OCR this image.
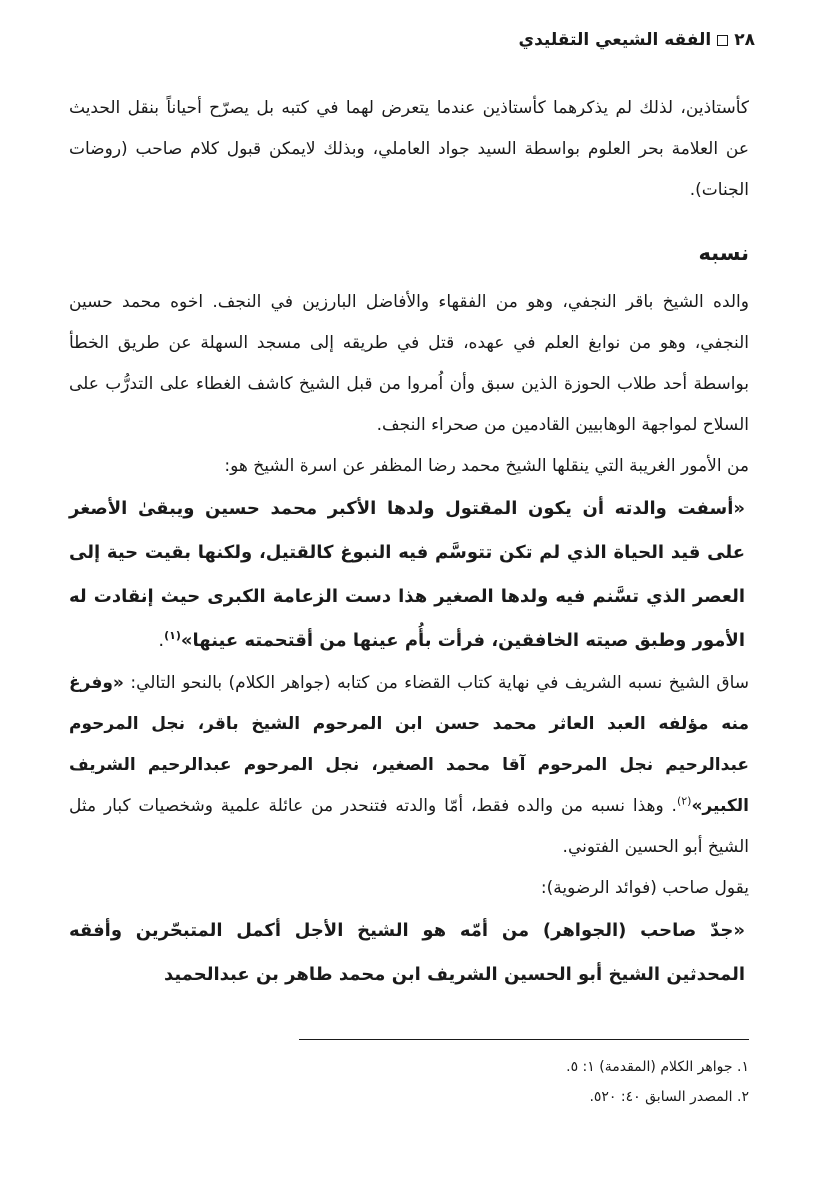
٢٨
الفقه الشيعي التقليدي

كأستاذين، لذلك لم يذكرهما كأستاذين عندما يتعرض لهما في كتبه بل يصرّح أحياناً بنقل الحديث عن العلامة بحر العلوم بواسطة السيد جواد العاملي، وبذلك لايمكن قبول كلام صاحب (روضات الجنات).

نسبه

والده الشيخ باقر النجفي، وهو من الفقهاء والأفاضل البارزين في النجف. اخوه محمد حسين النجفي، وهو من نوابغ العلم في عهده، قتل في طريقه إلى مسجد السهلة عن طريق الخطأ بواسطة أحد طلاب الحوزة الذين سبق وأن اُمروا من قبل الشيخ كاشف الغطاء على التدرُّب على السلاح لمواجهة الوهابيين القادمين من صحراء النجف.

من الأمور الغريبة التي ينقلها الشيخ محمد رضا المظفر عن اسرة الشيخ هو:

«أسفت والدته أن يكون المقتول ولدها الأكبر محمد حسين ويبقىٰ الأصغر على قيد الحياة الذي لم تكن تتوسَّم فيه النبوغ كالقتيل، ولكنها بقيت حية إلى العصر الذي تسَّنم فيه ولدها الصغير هذا دست الزعامة الكبرى حيث إنقادت له الأمور وطبق صيته الخافقين، فرأت بأُم عينها من أقتحمته عينها»$^{(١)}$.

ساق الشيخ نسبه الشريف في نهاية كتاب القضاء من كتابه (جواهر الكلام) بالنحو التالي: «وفرغ منه مؤلفه العبد العاثر محمد حسن ابن المرحوم الشيخ باقر، نجل المرحوم عبدالرحيم نجل المرحوم آقا محمد الصغير، نجل المرحوم عبدالرحيم الشريف الكبير»$^{(٢)}$. وهذا نسبه من والده فقط، أمّا والدته فتنحدر من عائلة علمية وشخصيات كبار مثل الشيخ أبو الحسين الفتوني.

يقول صاحب (فوائد الرضوية):

«جدّ صاحب (الجواهر) من أمّه هو الشيخ الأجل أكمل المتبحّرين وأفقه المحدثين الشيخ أبو الحسين الشريف ابن محمد طاهر بن عبدالحميد

١. جواهر الكلام (المقدمة) ١: ٥.
٢. المصدر السابق ٤٠: ٥٢٠.
